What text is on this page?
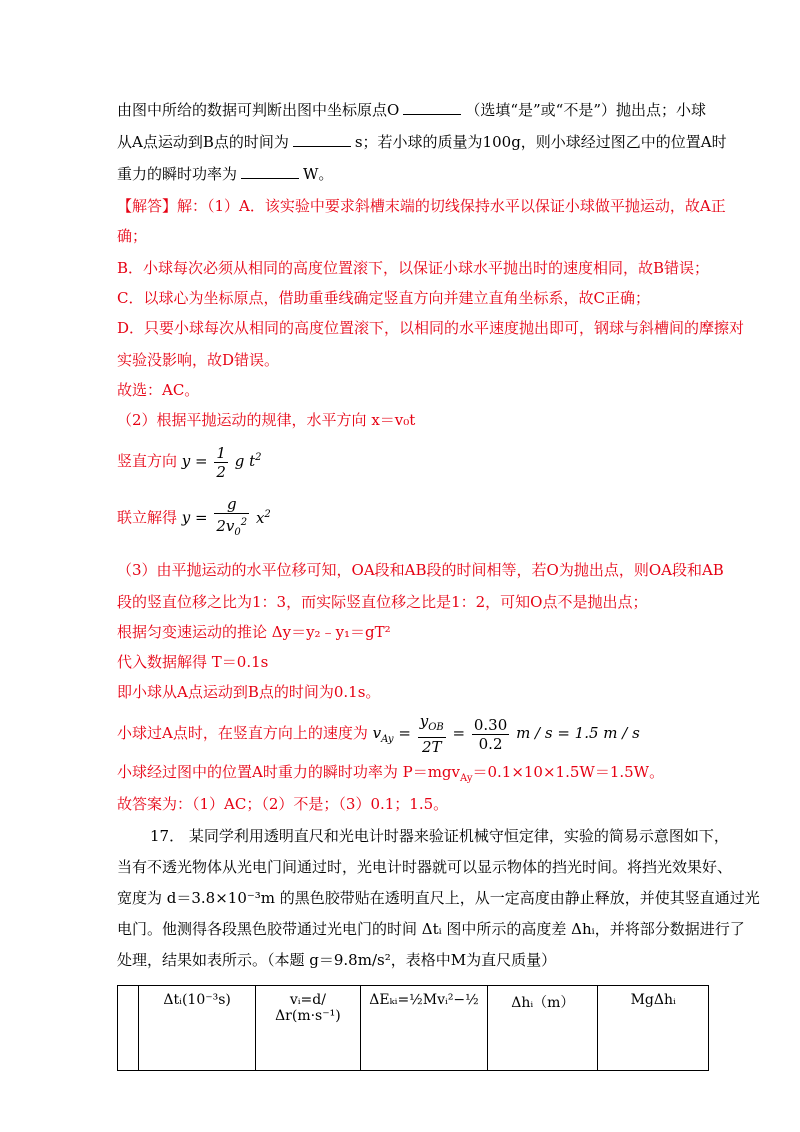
由图中所给的数据可判断出图中坐标原点O	（选填“是”或“不是”）抛出点；小球
从A点运动到B点的时间为	s；若小球的质量为100g，则小球经过图乙中的位置A时
重力的瞬时功率为	W。
【解答】解：（1）A．该实验中要求斜槽末端的切线保持水平以保证小球做平抛运动，故A正
确；
B．小球每次必须从相同的高度位置滚下，以保证小球水平抛出时的速度相同，故B错误；
C．以球心为坐标原点，借助重垂线确定竖直方向并建立直角坐标系，故C正确；
D．只要小球每次从相同的高度位置滚下，以相同的水平速度抛出即可，钢球与斜槽间的摩擦对
实验没影响，故D错误。
故选：AC。
（2）根据平抛运动的规律，水平方向 x＝v₀t
竖直方向 $y = \frac{1}{2}$ g $t^2$
联立解得 $y = \frac{g}{2v_0^2} x^2$
（3）由平抛运动的水平位移可知，OA段和AB段的时间相等，若O为抛出点，则OA段和AB
段的竖直位移之比为1：3，而实际竖直位移之比是1：2，可知O点不是抛出点；
根据匀变速运动的推论 Δy＝y₂﹣y₁＝gT²
代入数据解得 T＝0.1s
即小球从A点运动到B点的时间为0.1s。
小球过A点时，在竖直方向上的速度为 $v_{Ay} = \frac{y_{OB}}{2T} = \frac{0.30}{0.2}$ m / s = 1.5 m / s
小球经过图中的位置A时重力的瞬时功率为 P＝mgv$_{Ay}$＝0.1×10×1.5W＝1.5W。
故答案为：（1）AC；（2）不是；（3）0.1；1.5。
17． 某同学利用透明直尺和光电计时器来验证机械守恒定律，实验的简易示意图如下，
当有不透光物体从光电门间通过时，光电计时器就可以显示物体的挡光时间。将挡光效果好、
宽度为 d＝3.8×10⁻³m 的黑色胶带贴在透明直尺上，从一定高度由静止释放，并使其竖直通过光
电门。他测得各段黑色胶带通过光电门的时间 Δtᵢ 图中所示的高度差 Δhᵢ，并将部分数据进行了
处理，结果如表所示。（本题 g＝9.8m/s²，表格中M为直尺质量）
	Δtᵢ(10⁻³s)	vᵢ=d/Δr(m·s⁻¹)	ΔEₖᵢ=½Mvᵢ²−½	Δhᵢ（m）	MgΔhᵢ
